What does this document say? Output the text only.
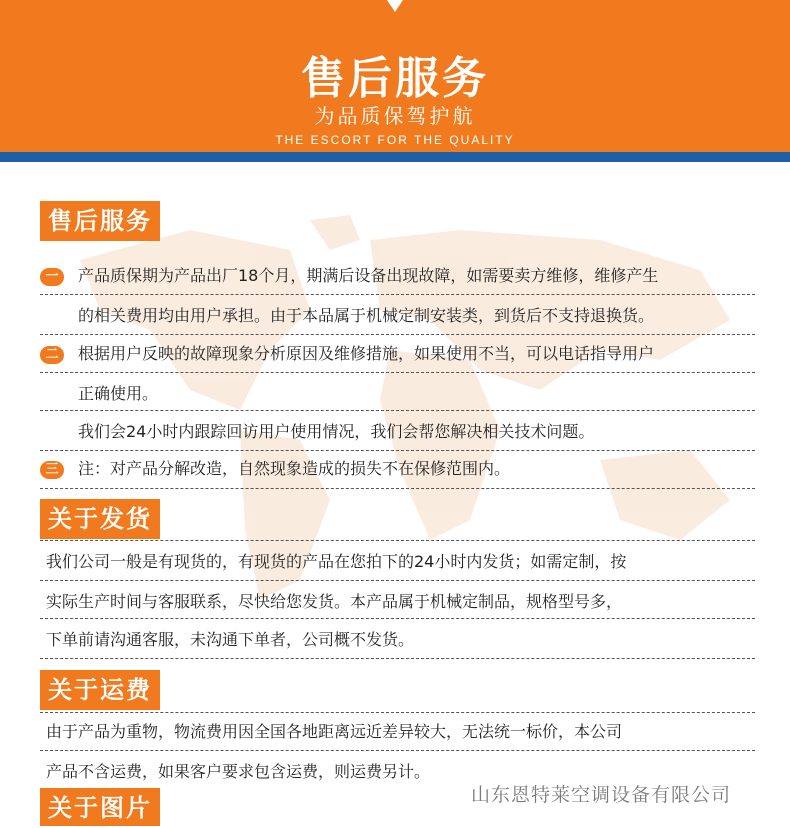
售后服务
为品质保驾护航
THE ESCORT FOR THE QUALITY
售后服务
一	产品质保期为产品出厂18个月，期满后设备出现故障，如需要卖方维修，维修产生
的相关费用均由用户承担。由于本品属于机械定制安装类，到货后不支持退换货。
二	根据用户反映的故障现象分析原因及维修措施，如果使用不当，可以电话指导用户
正确使用。
我们会24小时内跟踪回访用户使用情况，我们会帮您解决相关技术问题。
三	注：对产品分解改造，自然现象造成的损失不在保修范围内。
关于发货
我们公司一般是有现货的，有现货的产品在您拍下的24小时内发货；如需定制，按
实际生产时间与客服联系，尽快给您发货。本产品属于机械定制品，规格型号多，
下单前请沟通客服，未沟通下单者，公司概不发货。
关于运费
由于产品为重物，物流费用因全国各地距离远近差异较大，无法统一标价，本公司
产品不含运费，如果客户要求包含运费，则运费另计。
关于图片	山东恩特莱空调设备有限公司
